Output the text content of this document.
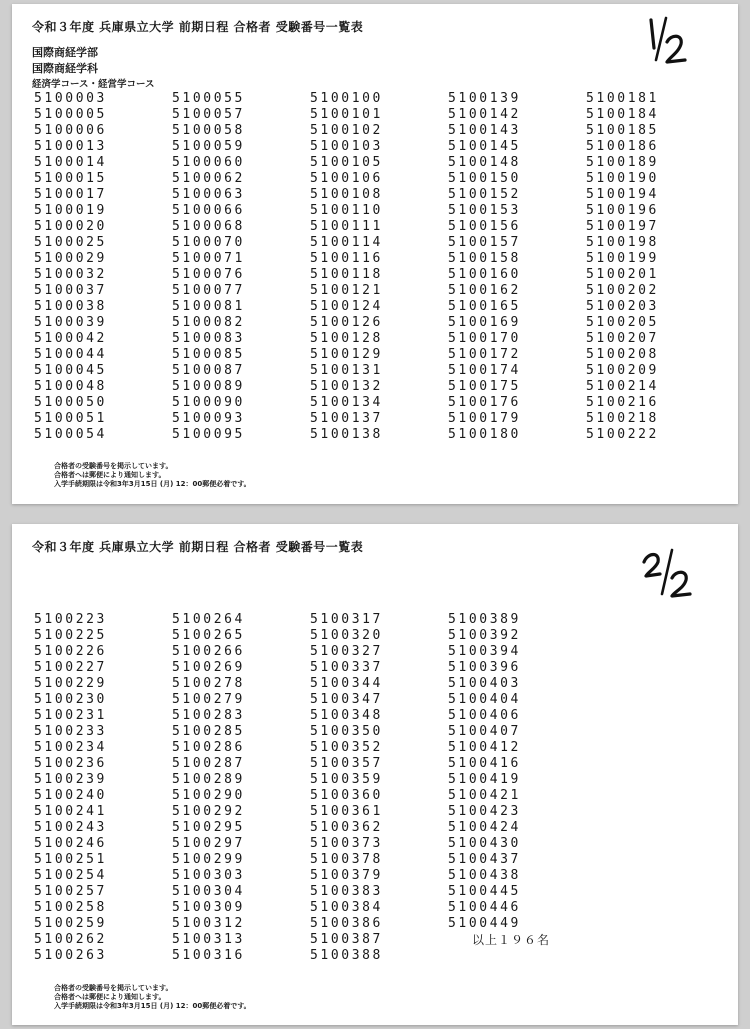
令和３年度 兵庫県立大学 前期日程 合格者 受験番号一覧表
国際商経学部
国際商経学科
経済学コース・経営学コース
5100003
5100005
5100006
5100013
5100014
5100015
5100017
5100019
5100020
5100025
5100029
5100032
5100037
5100038
5100039
5100042
5100044
5100045
5100048
5100050
5100051
5100054
5100055
5100057
5100058
5100059
5100060
5100062
5100063
5100066
5100068
5100070
5100071
5100076
5100077
5100081
5100082
5100083
5100085
5100087
5100089
5100090
5100093
5100095
5100100
5100101
5100102
5100103
5100105
5100106
5100108
5100110
5100111
5100114
5100116
5100118
5100121
5100124
5100126
5100128
5100129
5100131
5100132
5100134
5100137
5100138
5100139
5100142
5100143
5100145
5100148
5100150
5100152
5100153
5100156
5100157
5100158
5100160
5100162
5100165
5100169
5100170
5100172
5100174
5100175
5100176
5100179
5100180
5100181
5100184
5100185
5100186
5100189
5100190
5100194
5100196
5100197
5100198
5100199
5100201
5100202
5100203
5100205
5100207
5100208
5100209
5100214
5100216
5100218
5100222
合格者の受験番号を掲示しています。
合格者へは郵便により通知します。
入学手続期限は令和3年3月15日 (月) 12：00郵便必着です。
令和３年度 兵庫県立大学 前期日程 合格者 受験番号一覧表
5100223
5100225
5100226
5100227
5100229
5100230
5100231
5100233
5100234
5100236
5100239
5100240
5100241
5100243
5100246
5100251
5100254
5100257
5100258
5100259
5100262
5100263
5100264
5100265
5100266
5100269
5100278
5100279
5100283
5100285
5100286
5100287
5100289
5100290
5100292
5100295
5100297
5100299
5100303
5100304
5100309
5100312
5100313
5100316
5100317
5100320
5100327
5100337
5100344
5100347
5100348
5100350
5100352
5100357
5100359
5100360
5100361
5100362
5100373
5100378
5100379
5100383
5100384
5100386
5100387
5100388
5100389
5100392
5100394
5100396
5100403
5100404
5100406
5100407
5100412
5100416
5100419
5100421
5100423
5100424
5100430
5100437
5100438
5100445
5100446
5100449
以上１９６名
合格者の受験番号を掲示しています。
合格者へは郵便により通知します。
入学手続期限は令和3年3月15日 (月) 12：00郵便必着です。
